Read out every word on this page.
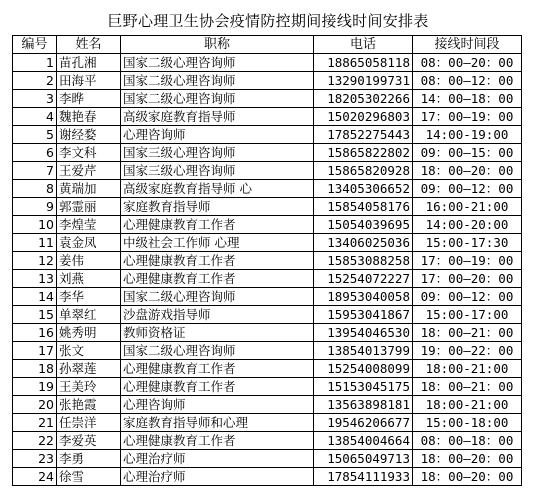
巨野心理卫生协会疫情防控期间接线时间安排表
编号	姓名	职称	电话	接线时间段
1	苗孔湘	国家二级心理咨询师	18865058118	08：00—20：00
2	田海平	国家二级心理咨询师	13290199731	08：00—12：00
3	李晔	国家二级心理咨询师	18205302266	14：00—18：00
4	魏艳春	高级家庭教育指导师	15020296803	17：00—19：00
5	谢经婺	心理咨询师	17852275443	14:00-19:00
6	李文科	国家三级心理咨询师	15865822802	09：00—15：00
7	王爱芹	国家三级心理咨询师	15865820928	18：00—20：00
8	黄瑞加	高级家庭教育指导师 心	13405306652	09：00—12：00
9	郭霊丽	家庭教育指导师	15854058176	16:00-21:00
10	李煌莹	心理健康教育工作者	15054039695	14:00-20:00
11	袁金凤	中级社会工作师 心理	13406025036	15:00-17:30
12	姜伟	心理健康教育工作者	15853088258	17：00—19：00
13	刘燕	心理健康教育工作者	15254072227	17：00—20：00
14	李华	国家二级心理咨询师	18953040058	09：00—12：00
15	单翠红	沙盘游戏指导师	15953041867	15:00-17:00
16	姚秀明	教师资格证	13954046530	18：00—21：00
17	张文	国家二级心理咨询师	13854013799	19：00—22：00
18	孙翠莲	心理健康教育工作者	15254008099	18:00-21:00
19	王美玲	心理健康教育工作者	15153045175	18：00—21：00
20	张艳霞	心理咨询师	13563898181	18:00-21:00
21	任崇洋	家庭教育指导师和心理	19546206677	15:00-18:00
22	李爱英	心理健康教育工作者	13854004664	08：00—18：00
23	李勇	心理治疗师	15065049713	18：00—20：00
24	徐雪	心理治疗师	17854111933	18：00—20：00
